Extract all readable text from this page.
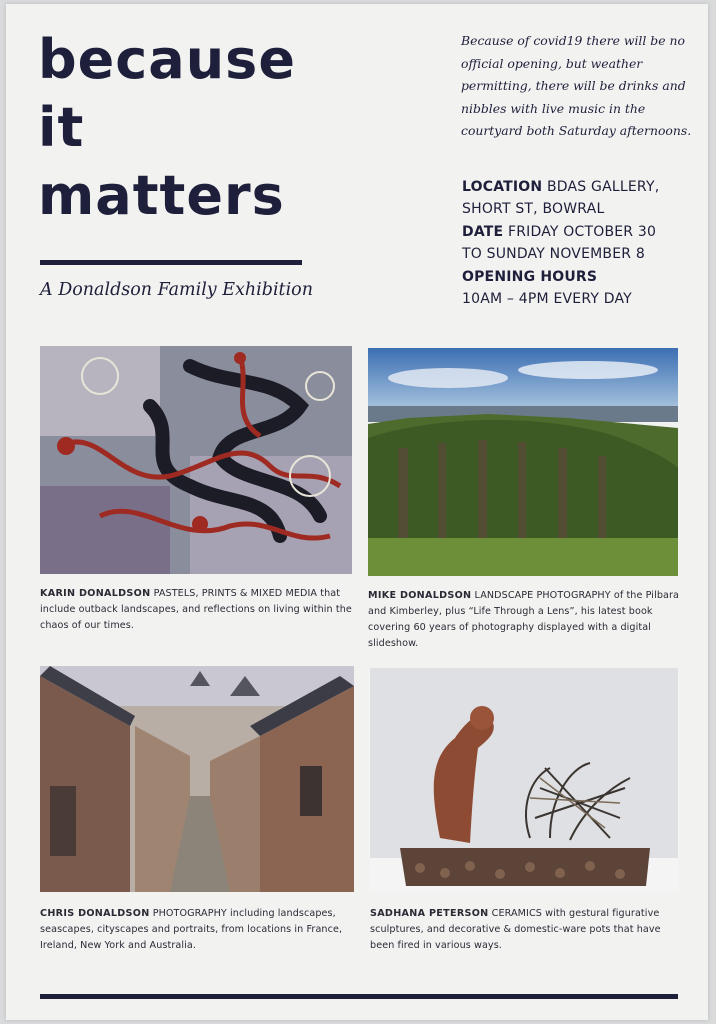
because
it
matters
A Donaldson Family Exhibition
Because of covid19 there will be no official opening, but weather permitting, there will be drinks and nibbles with live music in the courtyard both Saturday afternoons.
LOCATION BDAS GALLERY,
SHORT ST, BOWRAL
DATE FRIDAY OCTOBER 30
TO SUNDAY NOVEMBER 8
OPENING HOURS
10AM – 4PM EVERY DAY
KARIN DONALDSON PASTELS, PRINTS & MIXED MEDIA that include outback landscapes, and reflections on living within the chaos of our times.
MIKE DONALDSON LANDSCAPE PHOTOGRAPHY of the Pilbara and Kimberley, plus “Life Through a Lens”, his latest book covering 60 years of photography displayed with a digital slideshow.
CHRIS DONALDSON PHOTOGRAPHY including landscapes, seascapes, cityscapes and portraits, from locations in France, Ireland, New York and Australia.
SADHANA PETERSON CERAMICS with gestural figurative sculptures, and decorative & domestic-ware pots that have been fired in various ways.
